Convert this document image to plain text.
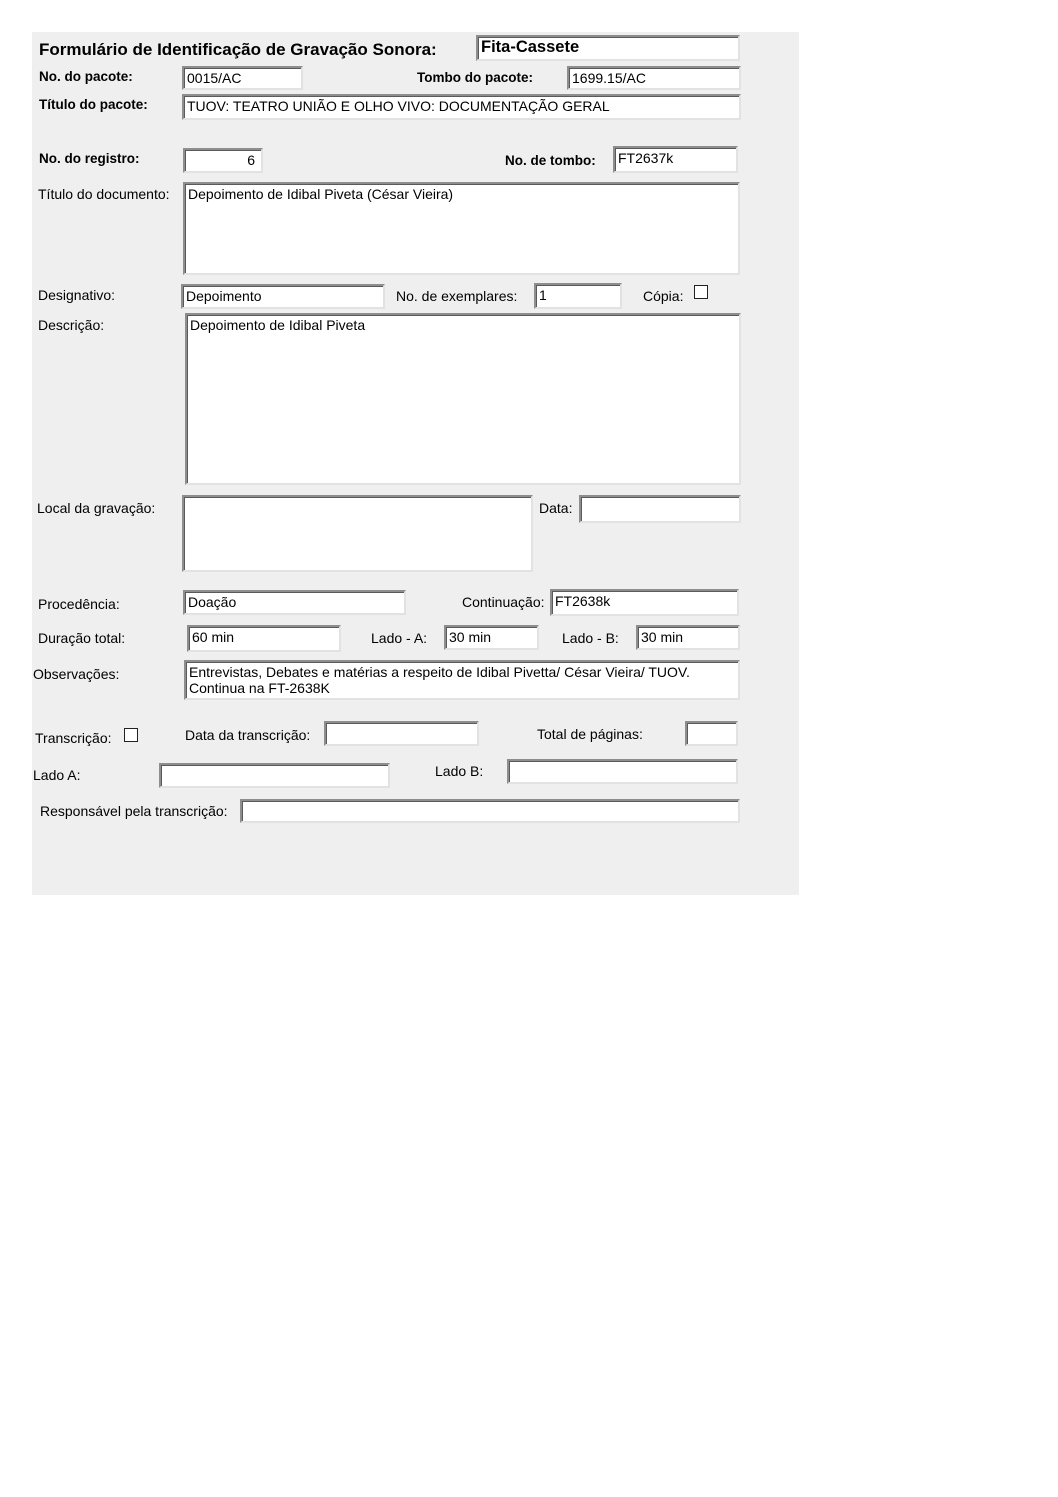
Formulário de Identificação de Gravação Sonora:	Fita-Cassete
No. do pacote:	0015/AC	Tombo do pacote:	1699.15/AC
Título do pacote:	TUOV: TEATRO UNIÃO E OLHO VIVO: DOCUMENTAÇÃO GERAL
No. do registro:	6	No. de tombo:	FT2637k
Título do documento:	Depoimento de Idibal Piveta (César Vieira)
Designativo:	Depoimento	No. de exemplares:	1	Cópia:
Descrição:	Depoimento de Idibal Piveta
Local da gravação:	Data:
Procedência:	Doação	Continuação: FT2638k
Duração total:	60 min	Lado - A:	30 min	Lado - B:	30 min
Observações:	Entrevistas, Debates e matérias a respeito de Idibal Pivetta/ César Vieira/ TUOV.
Continua na FT-2638K
Transcrição:	Data da transcrição:	Total de páginas:
Lado A:	Lado B:
Responsável pela transcrição:
